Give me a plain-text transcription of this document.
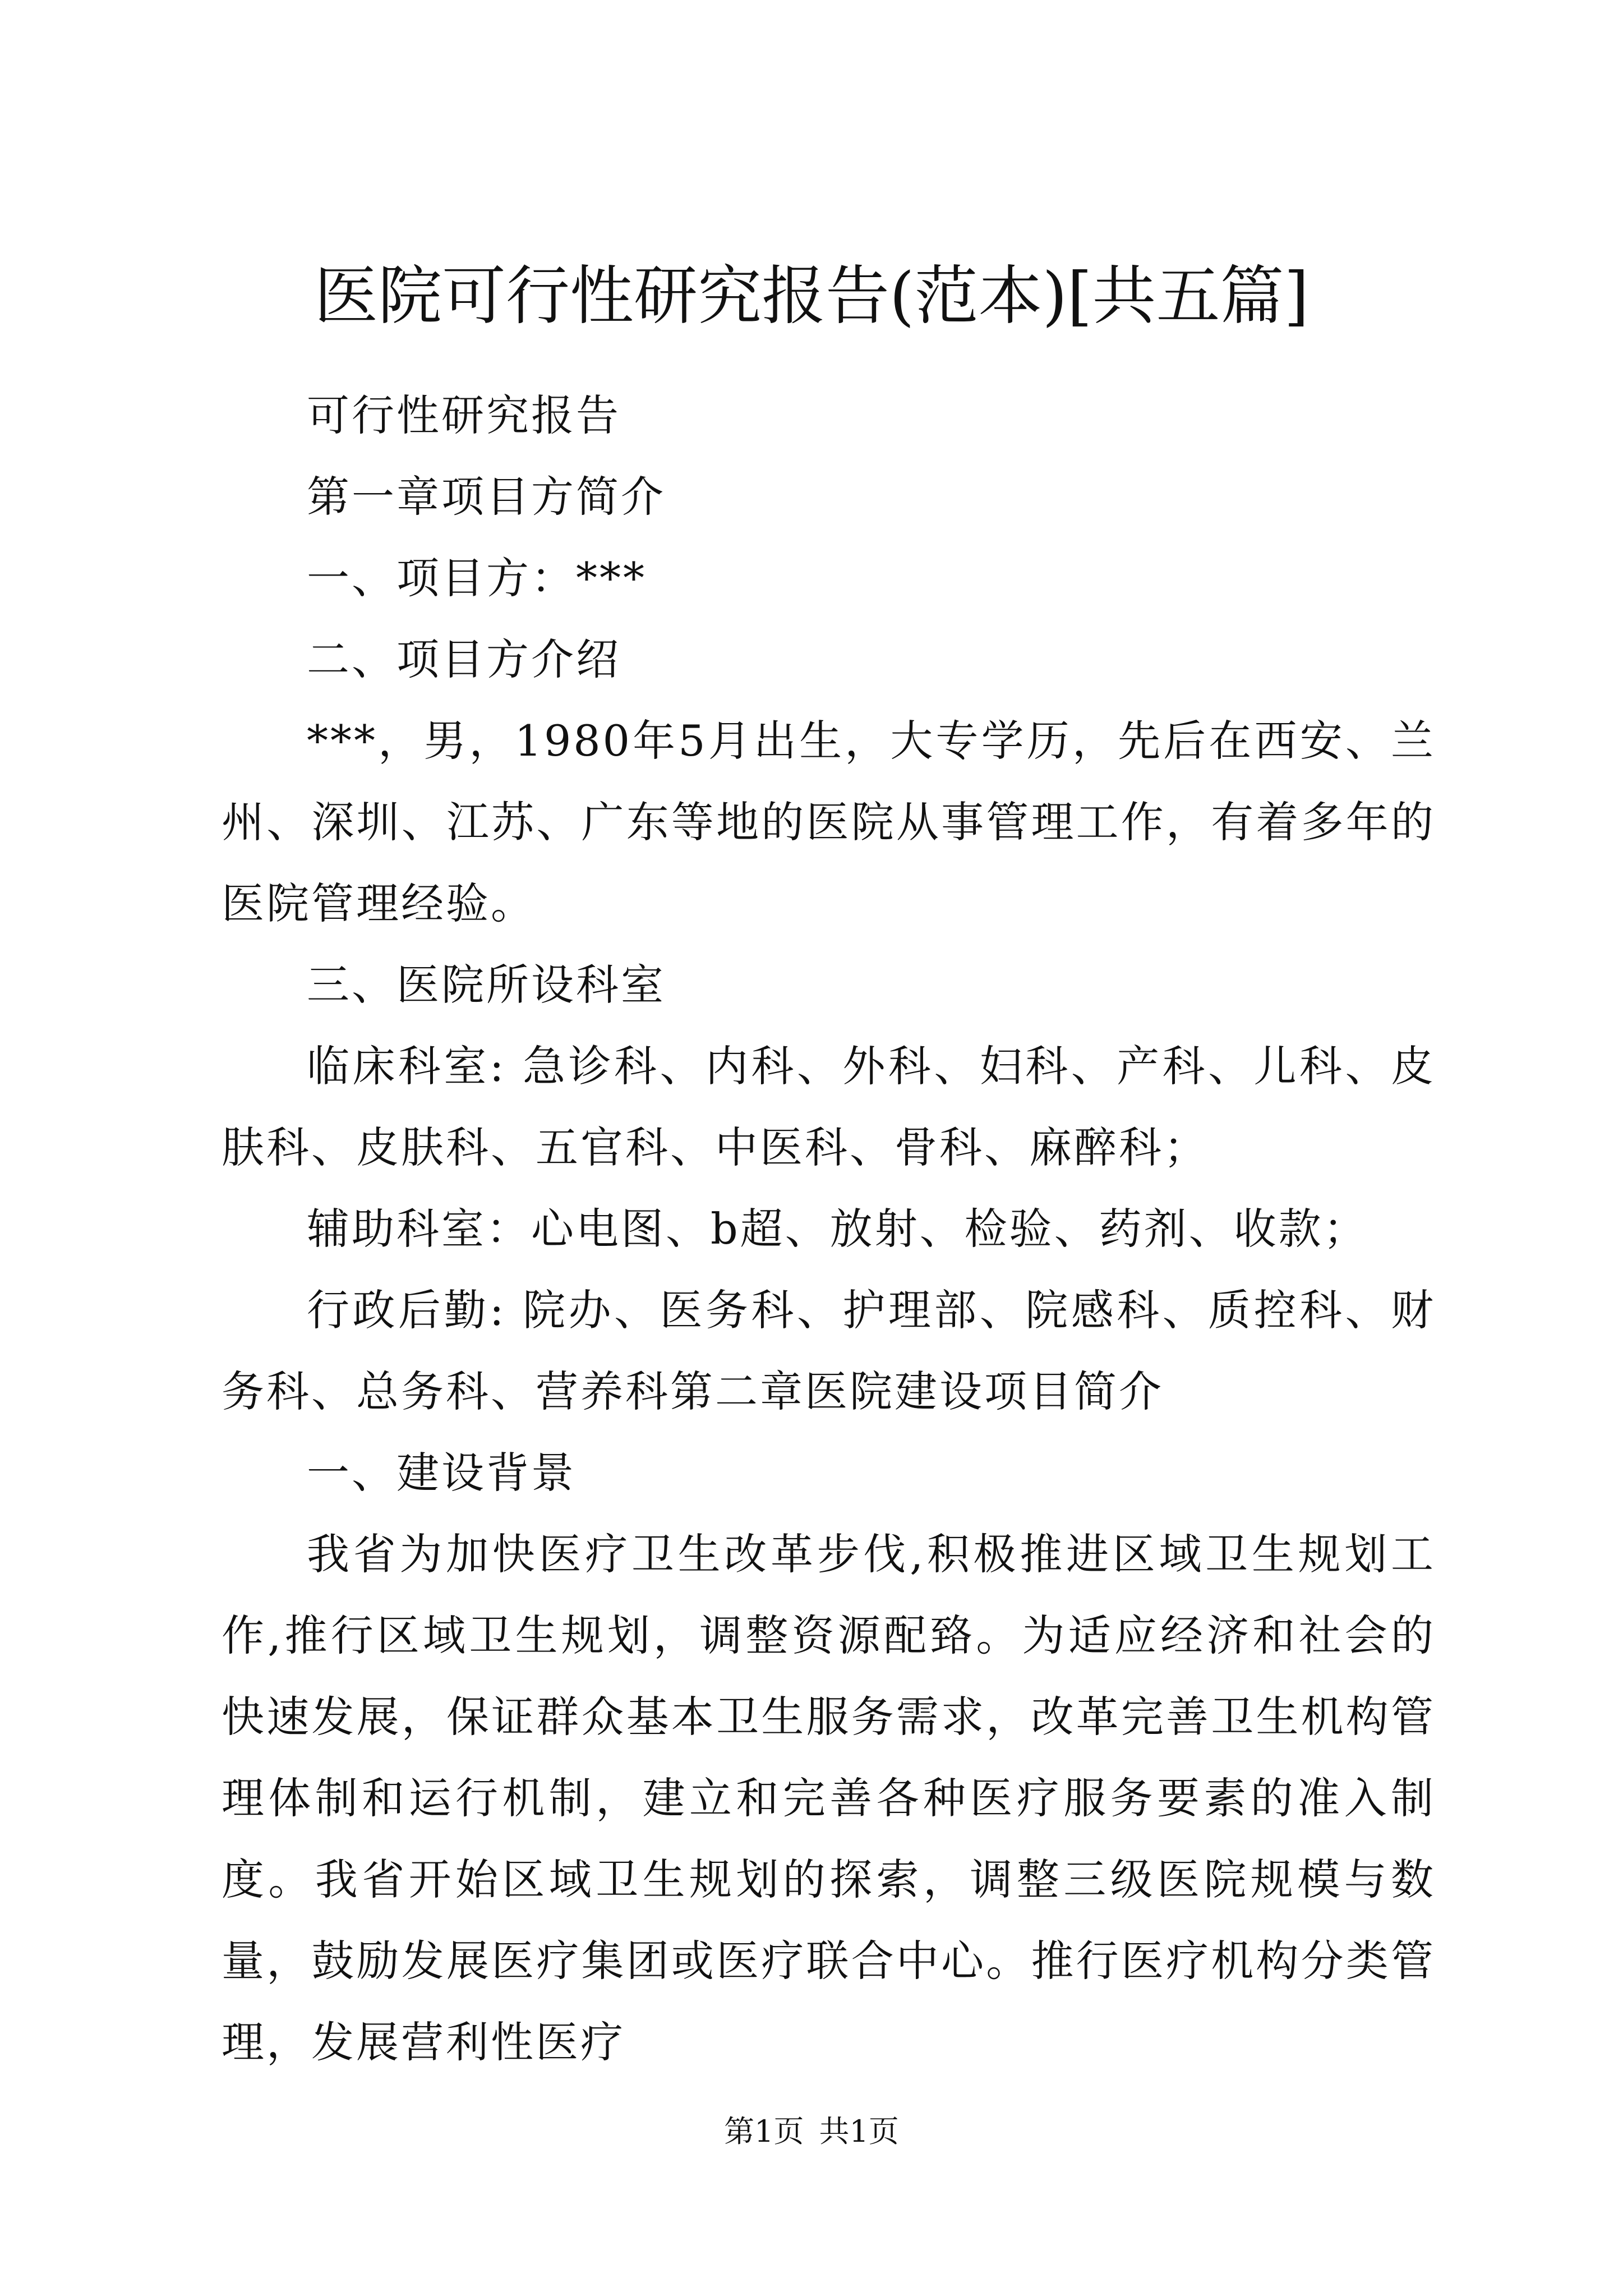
医院可行性研究报告(范本)[共五篇]

可行性研究报告

第一章项目方简介

一、项目方：***

二、项目方介绍

***，男，1980年5月出生，大专学历，先后在西安、兰州、深圳、江苏、广东等地的医院从事管理工作，有着多年的医院管理经验。

三、医院所设科室

临床科室: 急诊科、内科、外科、妇科、产科、儿科、皮肤科、皮肤科、五官科、中医科、骨科、麻醉科；

辅助科室：心电图、b超、放射、检验、药剂、收款；

行政后勤: 院办、医务科、护理部、院感科、质控科、财务科、总务科、营养科第二章医院建设项目简介

一、建设背景

我省为加快医疗卫生改革步伐,积极推进区域卫生规划工作,推行区域卫生规划，调整资源配臵。为适应经济和社会的快速发展，保证群众基本卫生服务需求，改革完善卫生机构管理体制和运行机制，建立和完善各种医疗服务要素的准入制度。我省开始区域卫生规划的探索，调整三级医院规模与数量，鼓励发展医疗集团或医疗联合中心。推行医疗机构分类管理，发展营利性医疗

第1页 共1页
